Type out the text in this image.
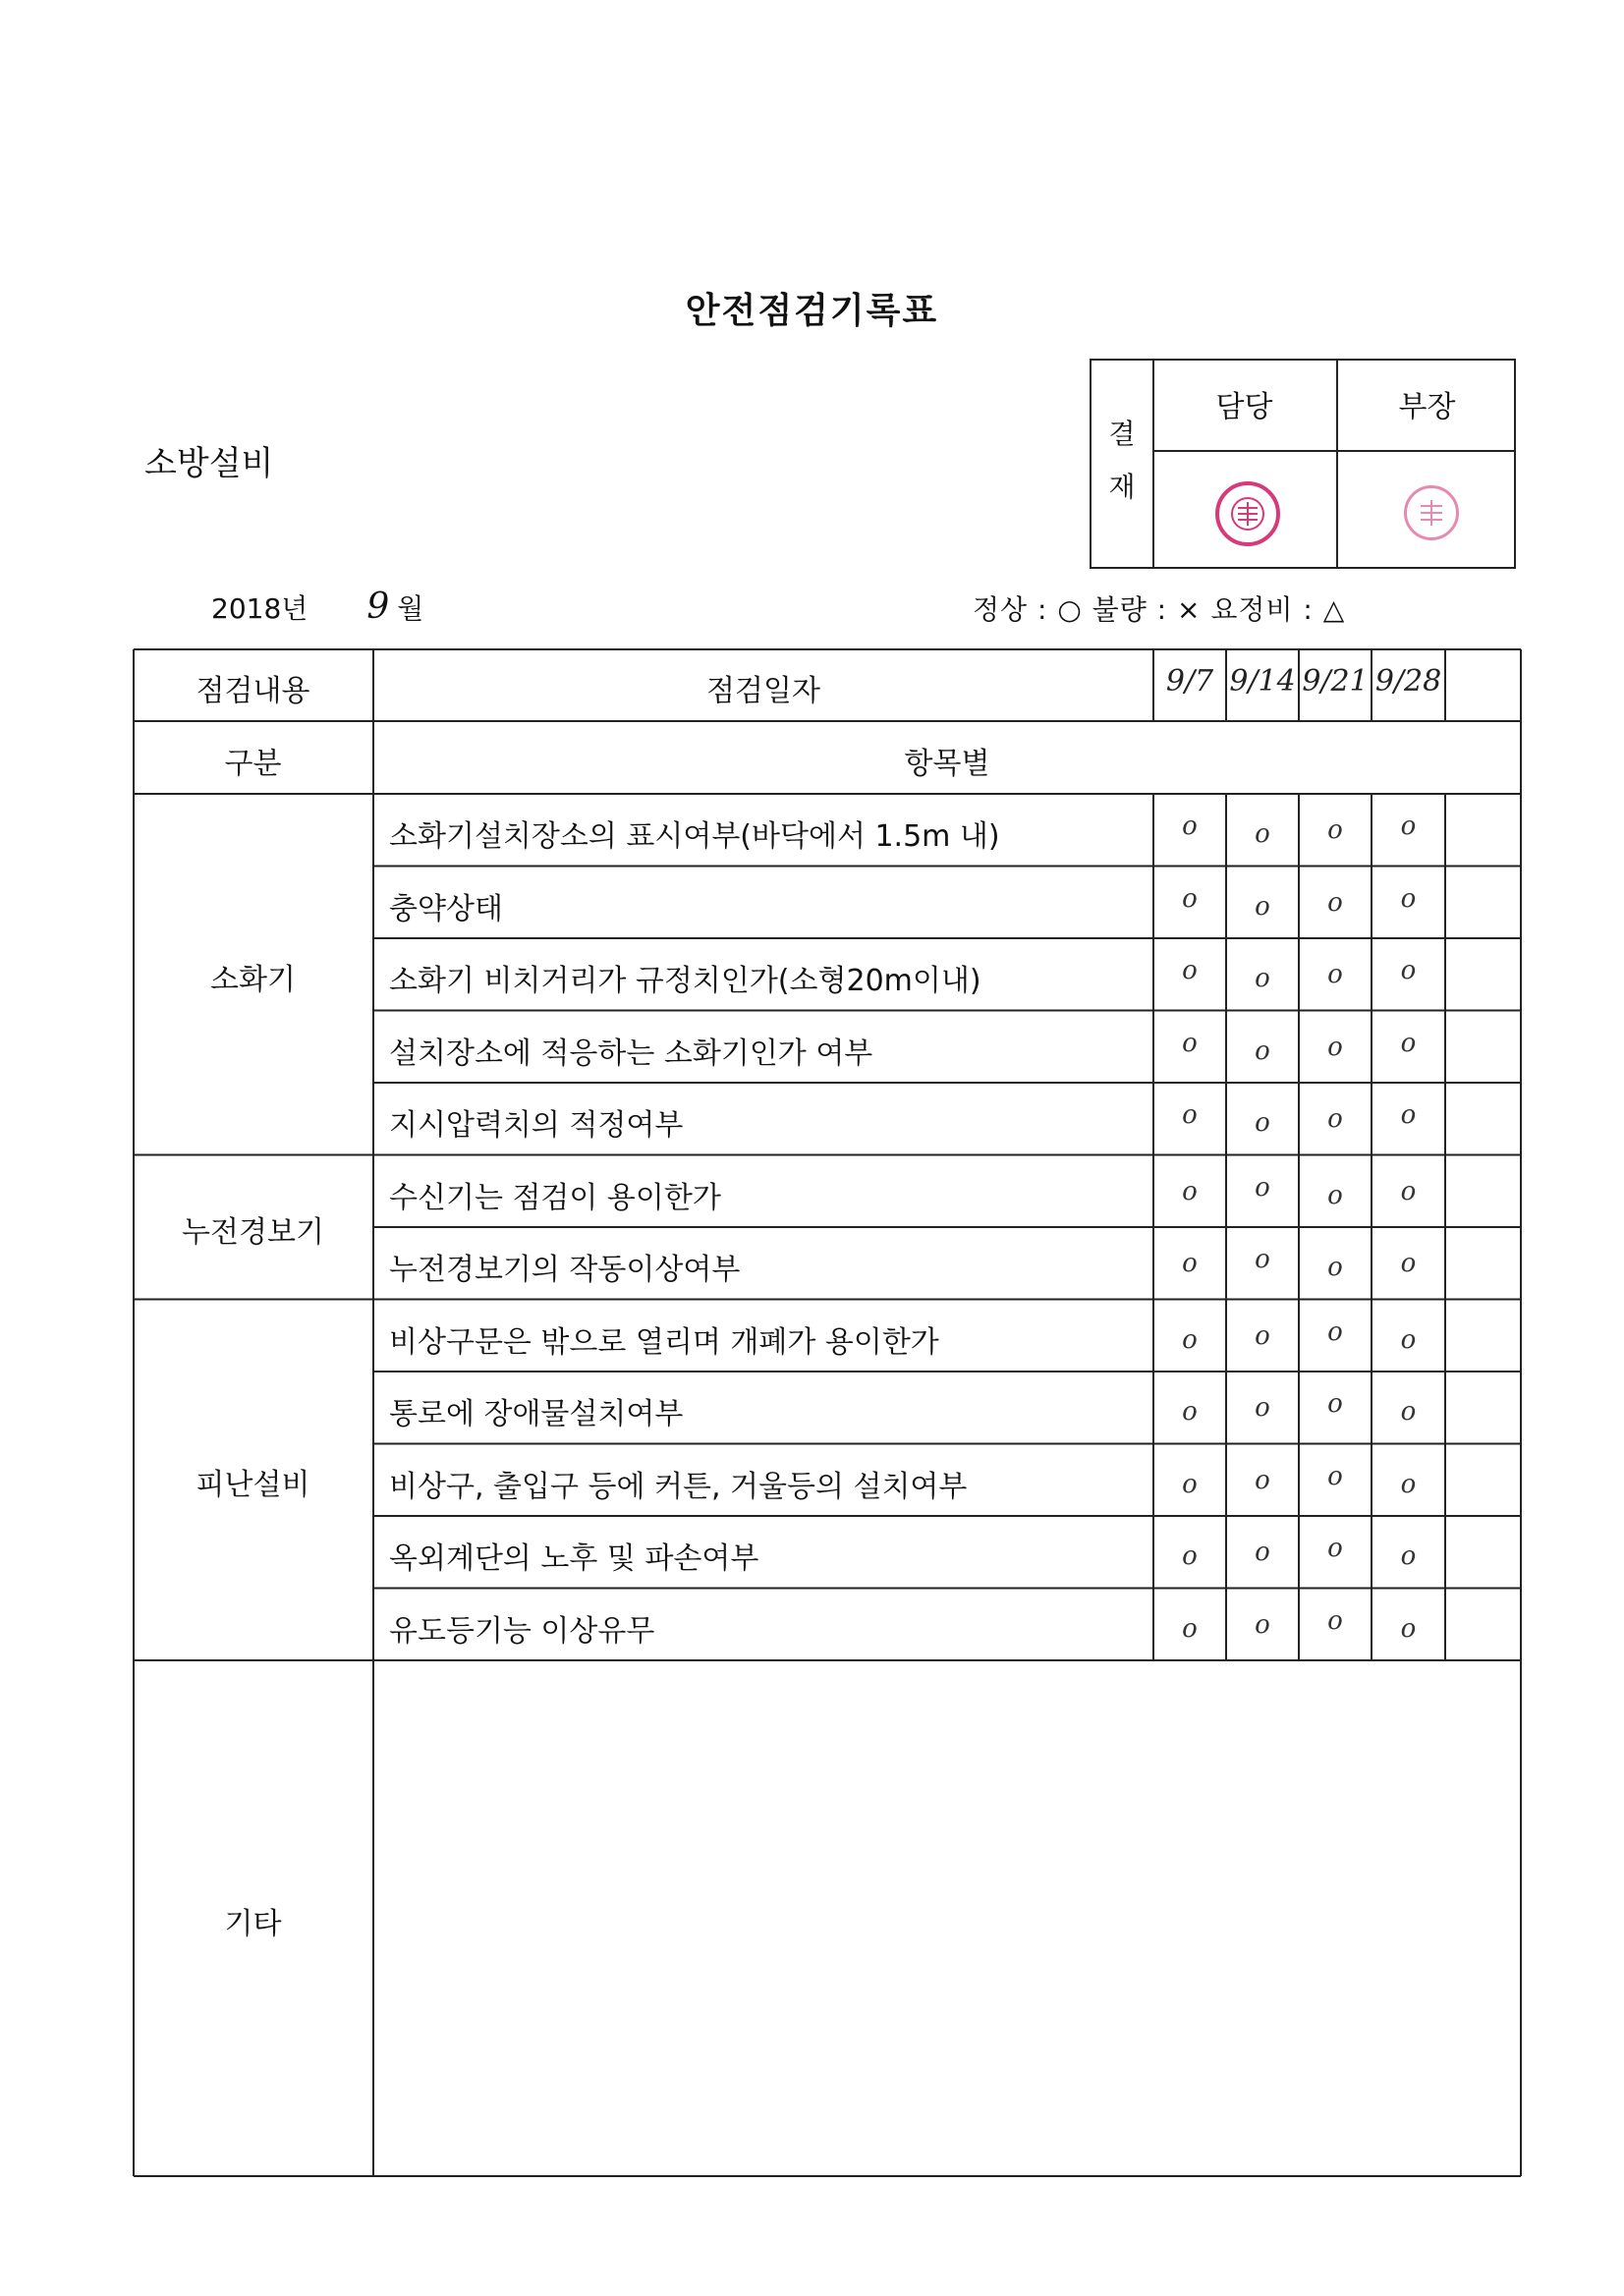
안전점검기록표
소방설비
결
재
담당	부장
2018년 9 월	정상 : ○ 불량 : × 요정비 : △
점검내용	점검일자
구분	항목별
9/7 9/14 9/21 9/28
소화기
소화기설치장소의 표시여부(바닥에서 1.5m 내)	o	o	o	o
충약상태	o	o	o	o
소화기 비치거리가 규정치인가(소형20m이내)	o	o	o	o
설치장소에 적응하는 소화기인가 여부	o	o	o	o
지시압력치의 적정여부	o	o	o	o
누전경보기
수신기는 점검이 용이한가	o	o	o	o
누전경보기의 작동이상여부	o	o	o	o
피난설비
비상구문은 밖으로 열리며 개폐가 용이한가	o	o	o	o
통로에 장애물설치여부	o	o	o	o
비상구, 출입구 등에 커튼, 거울등의 설치여부	o	o	o	o
옥외계단의 노후 및 파손여부	o	o	o	o
유도등기능 이상유무	o	o	o	o
기타
